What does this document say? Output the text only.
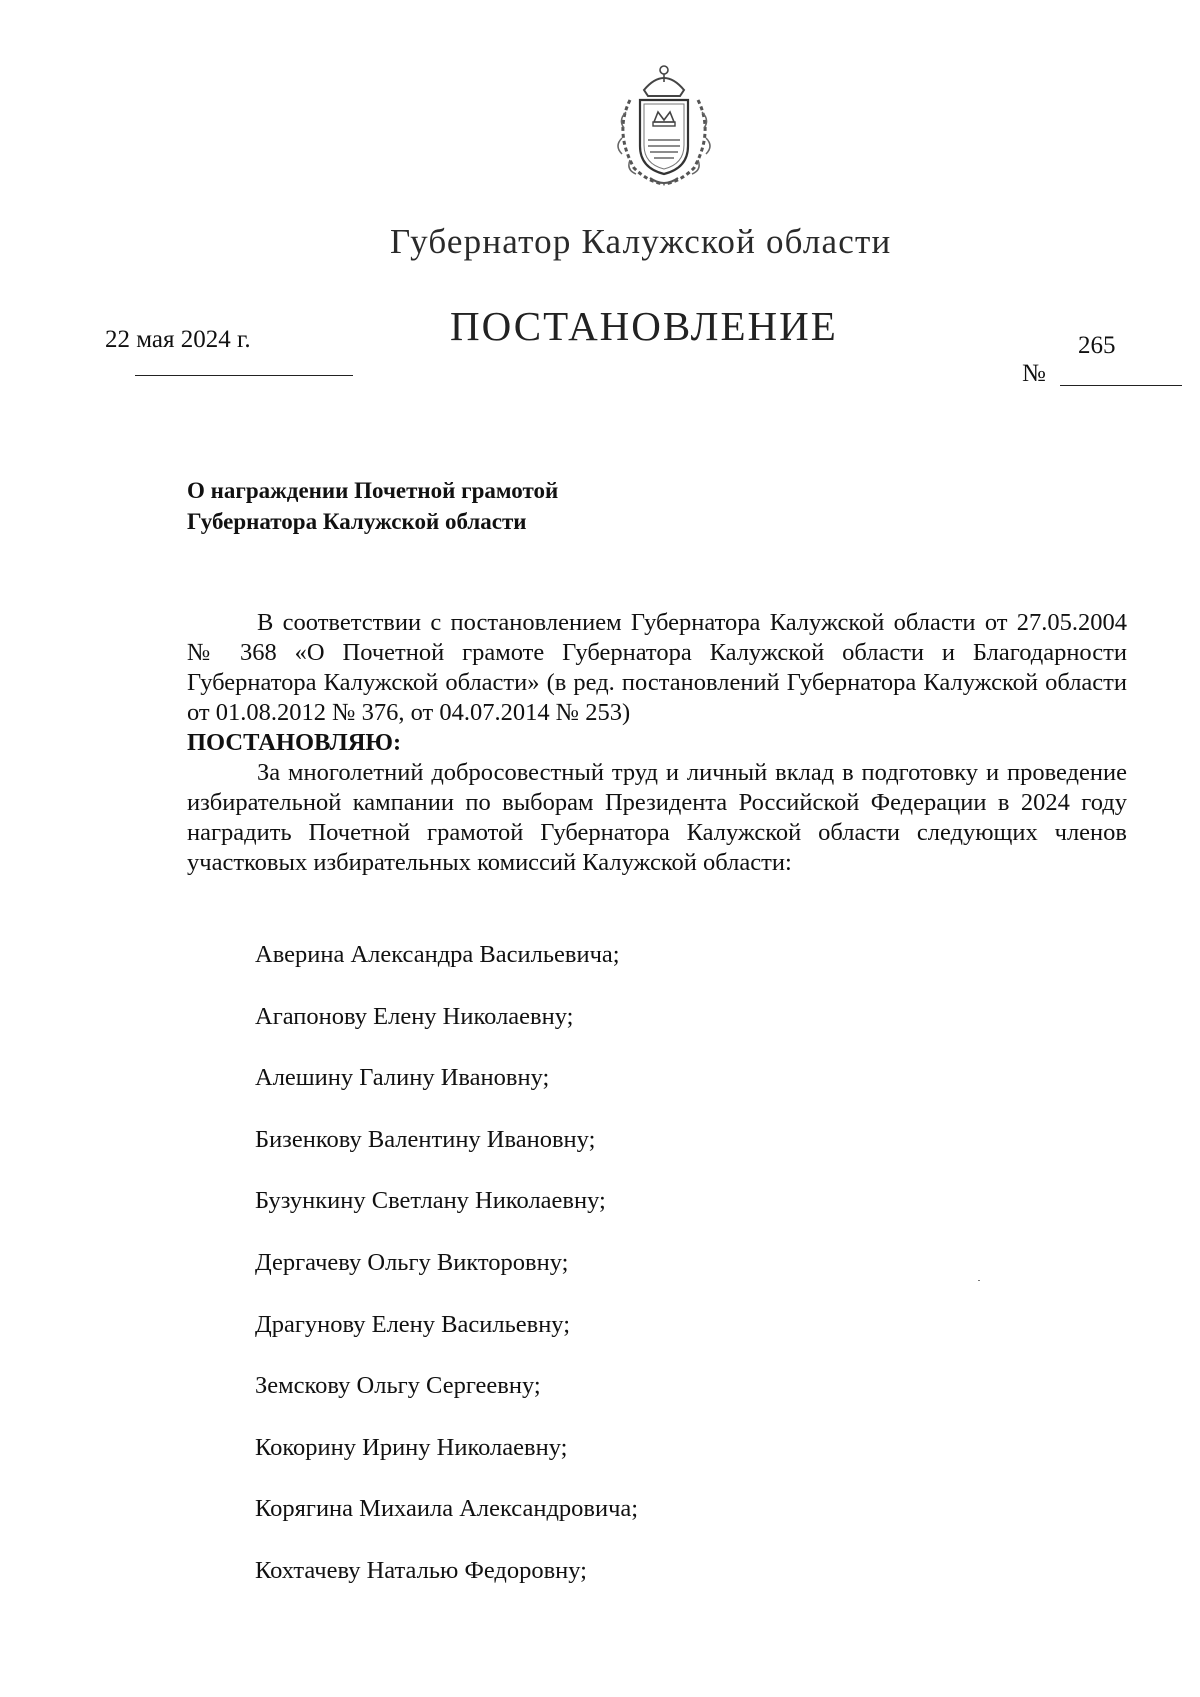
Губернатор Калужской области
ПОСТАНОВЛЕНИЕ
22 мая 2024 г.	265
№
О награждении Почетной грамотой
Губернатора Калужской области

В соответствии с постановлением Губернатора Калужской области от 27.05.2004 № 368 «О Почетной грамоте Губернатора Калужской области и Благодарности Губернатора Калужской области» (в ред. постановлений Губернатора Калужской области от 01.08.2012 № 376, от 04.07.2014 № 253)

ПОСТАНОВЛЯЮ:

За многолетний добросовестный труд и личный вклад в подготовку и проведение избирательной кампании по выборам Президента Российской Федерации в 2024 году наградить Почетной грамотой Губернатора Калужской области следующих членов участковых избирательных комиссий Калужской области:

Аверина Александра Васильевича;
Агапонову Елену Николаевну;
Алешину Галину Ивановну;
Бизенкову Валентину Ивановну;
Бузункину Светлану Николаевну;
Дергачеву Ольгу Викторовну;
Драгунову Елену Васильевну;
Земскову Ольгу Сергеевну;
Кокорину Ирину Николаевну;
Корягина Михаила Александровича;
Кохтачеву Наталью Федоровну;
